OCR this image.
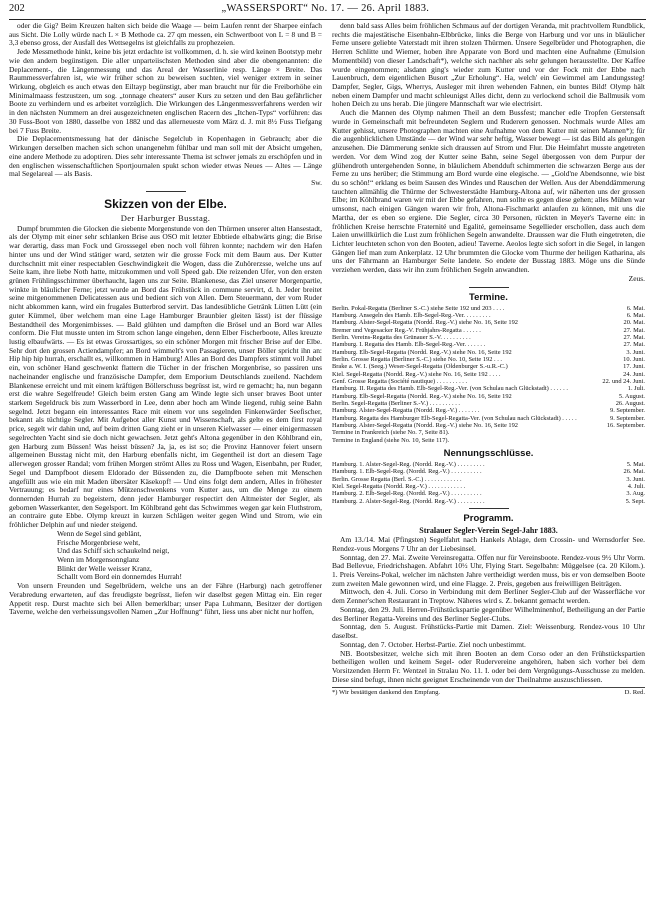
202	„WASSERSPORT“ No. 17. — 26. April 1883.

oder die Gig? Beim Kreuzen halten sich beide die Waage — beim Laufen rennt der Sharpee einfach aus Sicht. Die Lolly würde nach L × B Methode ca. 27 qm messen, ein Schwertboot von L = 8 und B = 3,3 ebenso gross, der Ausfall des Wettsegelns ist gleichfalls zu prophezeien.

Jede Messmethode hinkt, keine bis jetzt erdachte ist vollkommen, d. h. sie wird keinen Bootstyp mehr wie den andern begünstigen. Die aller unparteiischsten Methoden sind aber die obengenannten: die Deplacement-, die Längenmessung und das Areal der Wasserlinie resp. Länge × Breite. Das Raummessverfahren ist, wie wir früher schon zu beweisen suchten, viel weniger extrem in seiner Wirkung, obgleich es auch etwas den Eiltayp begünstigt, aber man braucht nur für die Freiborhöhe ein Minimalmaass festzustzen, um sog. „tonnage cheaters“ auser Kurs zu setzen und den Bau gefährlicher Boote zu verhindern und es arbeitet vorzüglich. Die Wirkungen des Längenmessverfahrens werden wir in den nächsten Nummern an drei ausgezeichneten englischen Racern des „Itchen-Typs“ vorführen: das 30 Fuss-Boot von 1880, dasselbe von 1882 und das allerneueste vom März d. J. mit 8½ Fuss Tiefgang bei 7 Fuss Breite.

Die Deplacementsmessung hat der dänische Segelclub in Kopenhagen in Gebrauch; aber die Wirkungen derselben machen sich schon unangenehm fühlbar und man soll mit der Absicht umgehen, eine andere Methode zu adoptiren. Dies sehr interessante Thema ist schwer jemals zu erschöpfen und in den englischen wissenschaftlichen Sportjournalen spukt schon wieder etwas Neues — Altes — Länge mal Segelareal — als Basis.

Sw.
Skizzen von der Elbe.
Der Harburger Busstag.

Dumpf brummten die Glocken die siebente Morgenstunde von den Thürmen unserer alten Hansestadt, als der Olymp mit einer sehr schlanken Brise aus OSO mit letzter Ebbtiede elbabwärts ging; die Brise war derartig, dass man Fock und Grosssegel eben noch voll führen konnte; nachdem wir den Hafen hinter uns und der Wind stätiger ward, setzten wir die grosse Fock mit dem Baum aus. Der Kutter durchschnitt mit einer respectablen Geschwindigkeit die Wogen, dass die Zuhörerzsse, welche uns auf Seite kam, ihre liebe Noth hatte, mitzukommen und voll Speed gab. Die reizenden Ufer, von den ersten grünen Frühlingsschimmer überhaucht, lagen uns zur Seite. Blankenese, das Ziel unserer Morgenpartie, winkte in bläulicher Ferne; jetzt wurde an Bord das Frühstück in commune servirt, d. h. Jeder breitet seine mitgenommenen Delicatessen aus und bedient sich von Allen. Dem Steuermann, der vom Ruder nicht abkommen kann, wird ein frugales Butterbrod servirt. Das landesübliche Getränk Lütten Lütt (ein guter Kümmel, über welchem man eine Lage Hamburger Braunbier gleiten lässt) ist der flüssige Bestandtheil des Morgenimbisses. — Bald glühten und dampften die Brösel und an Bord war Alles conform. Die Flut musste unten im Strom schon lange eingehen, denn Elber Fischerboote, Alles kreuzte lustig elbaufwärts. — Es ist etwas Grossartiges, so ein schöner Morgen mit frischer Brise auf der Elbe. Sehr dort den grossen Actiendampfer; an Bord wimmelt's von Passagieren, unser Böller spricht ihn an: Hip hip hip hurrah, erschallt es, willkommen in Hamburg! Alles an Bord des Dampfers stimmt voll Jubel ein, von schöner Hand geschwenkt flattern die Tücher in der frischen Morgenbrise, so passiren uns nacheinander englische und französische Dampfer, dem Emporium Deutschlands zueilend. Nachdem Blankenese erreicht und mit einem kräftigen Böllerschuss begrüsst ist, wird re gemacht; ha, nun begann erst die wahre Segelfreude! Gleich beim ersten Gang am Winde legte sich unser braves Boot unter starkem Segeldruck bis zum Wasserbord in Lee, denn aber hoch am Winde liegend, ruhig seine Bahn segelnd. Jetzt begann ein interessantes Race mit einem vor uns segelnden Finkenwärder Seefischer, bekannt als tüchtige Segler. Mit Aufgebot aller Kunst und Wissenschaft, als gelte es dem first royal price, segelt wir dahin und, auf beim dritten Gang zieht er in unseren Kielwasser — einer einigermassen segelrechten Yacht sind sie doch nicht gewachsen. Jetzt geht's Altona gegenüber in den Köhlbrand ein, gen Harburg zum Büssen! Was heisst büssen? Ja, ja, es ist so; die Provinz Hannover feiert unsern allgemeinen Busstag nicht mit, den Harburg ebenfalls nicht, im Gegentheil ist dort an diesem Tage allerwegen grosser Randal; vom frühen Morgen strömt Alles zu Ross und Wagen, Eisenbahn, per Ruder, Segel und Dampfboot diesem Eldorado der Büssenden zu, die Dampfboote sehen mit Menschen angefüllt aus wie ein mit Maden übersäter Käsekopf! — Und eins folgt dem andern, Alles in fröhester Vertrauung; es bedarf nur eines Mützenschwenkens vom Kutter aus, um die Menge zu einem donnernden Hurrah zu begeistern, denn jeder Hamburger respectirt den Altmeister der Segler, als gebornen Wasserkanter, den Segelsport. Im Köhlbrand geht das Schwimmes wegen gar kein Fluthstrom, an contraire gute Ebbe. Olymp kreuzt in kurzen Schlägen weiter gegen Wind und Strom, wie ein fröhlicher Delphin auf und nieder steigend.

Wenn de Segel sind geblänt,
Frische Morgenbriese weht,
Und das Schiff sich schaukelnd neigt,
Wenn im Morgensonnglanz
Blinkt der Welle weisser Kranz,
Schallt vom Bord ein donnerndes Hurrah!

Von unsern Freunden und Segelbrüdern, welche uns an der Fähre (Harburg) nach getroffener Verabredung erwarteten, auf das freudigste begrüsst, liefen wir daselbst gegen Mittag ein. Ein reger Appetit resp. Durst machte sich bei Allen bemerklbar; unser Papa Luhmann, Besitzer der dortigen Taverne, welche den verheissungsvollen Namen „Zur Hoffnung“ führt, liess uns aber nicht nur hoffen,

denn bald sass Alles beim fröhlichen Schmaus auf der dortigen Veranda, mit prachtvollem Rundblick, rechts die majestätische Eisenbahn-Elbbrücke, links die Berge von Harburg und vor uns in bläulicher Ferne unsere geliebte Vaterstadt mit ihren stolzen Thürmen. Unsere Segelbrüder und Photographen, die Herren Schlitte und Wiemer, hoben ihre Apparate von Bord und machten eine Aufnahme (Emulsion Momentbild) von dieser Landschaft*), welche sich nachher als sehr gelungen herausstellte. Der Kaffee wurde eingenommen; alsdann ging's wieder zum Kutter und vor der Fock mit der Ebbe nach Lauenbruch, dem eigentlichen Busort „Zur Erholung“. Ha, welch' ein Gewimmel am Landungssteg! Dampfer, Segler, Gigs, Wherrys, Ausleger mit ihren wehenden Fahnen, ein buntes Bild! Olymp hält neben einem Dampfer und macht schleunigst Alles dicht, denn zu verlockend schoil die Ballmusik vom hohen Deich zu uns herab. Die jüngere Mannschaft war wie electrisirt.

Auch die Mannen des Olymp nahmen Theil an dem Bussfest; mancher edle Tropfen Gerstensaft wurde in Gemeinschaft mit befreundeten Seglern und Ruderern genossen. Nochmals wurde Alles am Kutter gehisst, unsere Photographen machten eine Aufnahme von dem Kutter mit seinen Mannen*); für die augenblicklichen Umstände — der Wind war sehr heftig, Wasser bewegt — ist das Bild als gelungen anzusehen. Die Dämmerung senkte sich draussen auf Strom und Flur. Die Heimfahrt musste angetreten werden. Vor dem Wind zog der Kutter seine Bahn, seine Segel übergossen von dem Purpur der glühendroth untergehenden Sonne, in bläulichem Abendduft schimmerten die schwarzen Berge aus der Ferne zu uns herüber; die Stimmung am Bord wurde eine elegische. — „Gold'ne Abendsonne, wie bist du so schön!“ erklang es beim Sausen des Windes und Rauschen der Wellen. Aus der Abenddämmerung tauchten allmählig die Thürme der Schwesterstädte Hamburg-Altona auf, wir näherten uns der grossen Elbe; im Köhlbrand waren wir mit der Ebbe gefahren, nun sollte es gegen diese gehen; alles Mühen war umsonst, nach einigen Gängen waren wir froh, Altona-Fischmarkt anlaufen zu können, mit uns die Martha, der es eben so ergiene. Die Segler, circa 30 Personen, rückten in Meyer's Taverne ein: in fröhlichen Kreise herrschte Fraternité und Egalité, gemeinsame Segellieder erschollen, dass auch dem Laien unwillkürlich die Lust zum fröhlichen Segeln anwandelte. Draussen war die Fluth eingetreten, die Lichter leuchteten schon von den Booten, adieu! Taverne. Aeolos legte sich sofort in die Segel, in langen Gängen lief man zum Ankerplatz. 12 Uhr brummten die Glocke vom Thurme der heiligen Katharina, als uns der Fährmann an Hamburger Seite landete. So endete der Busstag 1883. Möge uns die Sünde verziehen werden, dass wir ihn zum fröhlichen Segeln anwandten.

Zeus.
Termine.
Berlin. Pokal-Regatta (Berliner S.-C.) siehe Seite 192 und 203 . . . .	6. Mai.
Hamburg. Ansegeln des Hamb. Elb-Segel-Reg.-Ver. . . . . . . . .	6. Mai.
Hamburg. Alster-Segel-Regatta (Nordd. Reg.-V.) siehe No. 16, Seite 192	20. Mai.
Bremer und Vegesacker Reg.-V. Frühjahrs-Regatta . . . . . .	27. Mai.
Berlin. Vereins-Regatta des Grünauer S.-V. . . . . . . . . .	27. Mai.
Hamburg. I. Regatta des Hamb. Elb-Segel-Reg.-Ver. . . . . . .	27. Mai.
Hamburg. Elb-Segel-Regatta (Nordd. Reg.-V.) siehe No. 16, Seite 192	3. Juni.
Berlin. Grosse Regatta (Berliner S.-C.) siehe No. 10, Seite 192 . . .	10. Juni.
Brake a. W. I. (Seeg.) Weser-Segel-Regatta (Oldenburger S.-u.R.-C.)	17. Juni.
Kiel. Segel-Regatta (Nordd. Reg.-V.) siehe No. 16, Seite 192 . . . .	24. Juni.
Genf. Grosse Regatta (Société nautique) . . . . . . . . . .	22. und 24. Juni.
Hamburg. II. Regatta des Hamb. Elb-Segel-Reg.-Ver. (von Schulau nach Glückstadt) . . . . . .	1. Juli.
Hamburg. Elb-Segel-Regatta (Nordd. Reg.-V.) siehe No. 16, Seite 192	5. August.
Berlin. Segel-Regatta (Berliner S.-V.) . . . . . . . . . .	26. August.
Hamburg. Alster-Segel-Regatta (Nordd. Reg.-V.) . . . . . . .	9. September.
Hamburg. Regatta des Hamburger Elb-Segel-Regatta-Ver. (von Schulau nach Glückstadt) . . . . .	9. September.
Hamburg. Alster-Segel-Regatta (Nordd. Reg.-V.) siehe No. 16, Seite 192	16. September.
Termine in Frankreich (siehe No. 7, Seite 81).
Termine in England (siehe No. 10, Seite 117).
Nennungsschlüsse.
Hamburg. 1. Alster-Segel-Reg. (Nordd. Reg.-V.) . . . . . . . . .	5. Mai.
Hamburg. 1. Elb-Segel-Reg. (Nordd. Reg.-V.) . . . . . . . . . .	26. Mai.
Berlin. Grosse Regatta (Berl. S.-C.) . . . . . . . . . . . .	3. Juni.
Kiel. Segel-Regatta (Nordd. Reg.-V.) . . . . . . . . . . . .	4. Juli.
Hamburg. 2. Elb-Segel-Reg. (Nordd. Reg.-V.) . . . . . . . . . .	3. Aug.
Hamburg. 2. Alster-Segel-Reg. (Nordd. Reg.-V.) . . . . . . . . .	5. Sept.
Programm.
Stralauer Segler-Verein Segel-Jahr 1883.

Am 13./14. Mai (Pfingsten) Segelfahrt nach Hankels Ablage, dem Crossin- und Wernsdorfer See. Rendez-vous Morgens 7 Uhr an der Liebesinsel.

Sonntag, den 27. Mai. Zweite Vereinsregatta. Offen nur für Vereinsboote. Rendez-vous 9½ Uhr Vorm. Bad Bellevue, Friedrichshagen. Abfahrt 10½ Uhr, Flying Start. Segelbahn: Müggelsee (ca. 20 Kilom.). 1. Preis Vereins-Pokal, welcher im nächsten Jahre vertheidigt werden muss, bis er von demselben Boote zum zweiten Male gewonnen wird, und eine Flagge. 2. Preis, gegeben aus freiwilligen Beiträgen.

Mittwoch, den 4. Juli. Corso in Verbindung mit dem Berliner Segler-Club auf der Wasserfläche vor dem Zenner'schen Restaurant in Treptow. Näheres wird s. Z. bekannt gemacht werden.

Sonntag, den 29. Juli. Herren-Frühstückspartie gegenüber Wilhelminenhof, Betheiligung an der Partie des Berliner Regatta-Vereins und des Berliner Segler-Clubs.

Sonntag, den 5. August. Frühstücks-Partie mit Damen. Ziel: Weissenburg. Rendez-vous 10 Uhr daselbst.

Sonntag, den 7. October. Herbst-Partie. Ziel noch unbestimmt.

NB. Bootsbesitzer, welche sich mit ihren Booten an dem Corso oder an den Frühstückspartien betheiligen wollen und keinem Segel- oder Rudervereine angehören, haben sich vorher bei dem Vorsitzenden Herrn Fr. Wentzel in Stralau No. 11. I. oder bei dem Vergnügungs-Ausschusse zu melden. Diese sind befugt, ihnen nicht geeignet Erscheinende von der Theilnahme auszuschliessen.

*) Wir bestätigen dankend den Empfang.	D. Red.
